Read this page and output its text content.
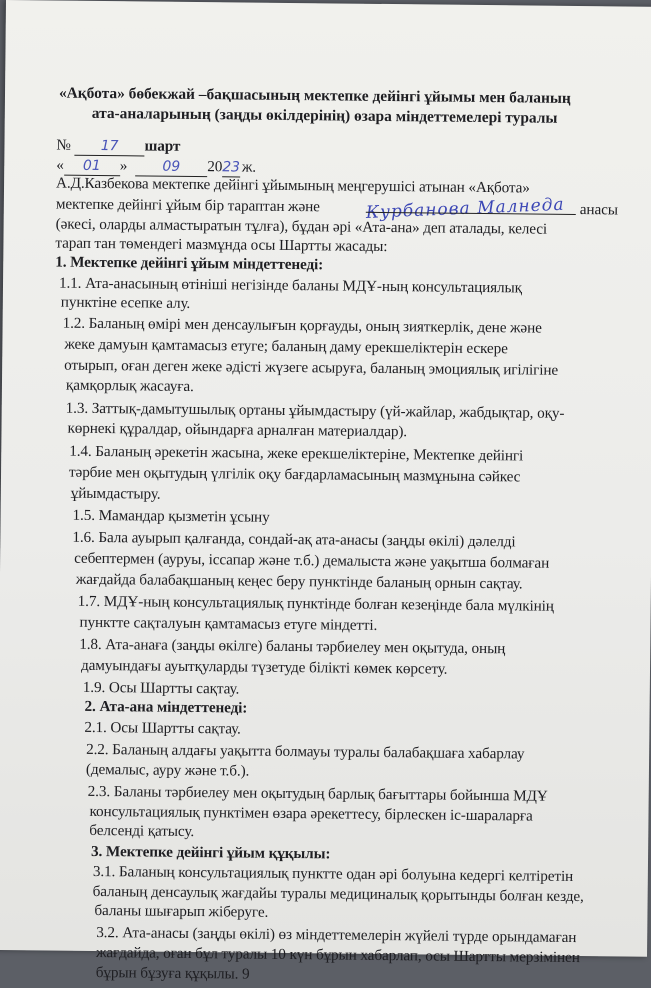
«Ақбота» бөбекжай –бақшасының мектепке дейінгі ұйымы мен баланың
ата-аналарының (заңды өкілдерінің) өзара міндеттемелері туралы
№ 17 шарт
« 01 »	09 2023 ж.
А.Д.Казбекова мектепке дейінгі ұйымының меңгерушісі атынан «Ақбота»
мектепке дейінгі ұйым бір тараптан және	Курбанова Малнеда анасы
(әкесі, оларды алмастыратын тұлға), бұдан әрі «Ата-ана» деп аталады, келесі
тарап тан төмендегі мазмұнда осы Шартты жасады:
1. Мектепке дейінгі ұйым міндеттенеді:
1.1. Ата-анасының өтініші негізінде баланы МДҰ-ның консультациялық
пунктіне есепке алу.
1.2. Баланың өмірі мен денсаулығын қорғауды, оның зияткерлік, дене және
жеке дамуын қамтамасыз етуге; баланың даму ерекшеліктерін ескере
отырып, оған деген жеке әдісті жүзеге асыруға, баланың эмоциялық игілігіне
қамқорлық жасауға.
1.3. Заттық-дамытушылық ортаны ұйымдастыру (үй-жайлар, жабдықтар, оқу-
көрнекі құралдар, ойындарға арналған материалдар).
1.4. Баланың әрекетін жасына, жеке ерекшеліктеріне, Мектепке дейінгі
тәрбие мен оқытудың үлгілік оқу бағдарламасының мазмұнына сәйкес
ұйымдастыру.
1.5. Мамандар қызметін ұсыну
1.6. Бала ауырып қалғанда, сондай-ақ ата-анасы (заңды өкілі) дәлелді
себептермен (ауруы, іссапар және т.б.) демалыста және уақытша болмаған
жағдайда балабақшаның кеңес беру пунктінде баланың орнын сақтау.
1.7. МДҰ-ның консультациялық пунктінде болған кезеңінде бала мүлкінің
пунктте сақталуын қамтамасыз етуге міндетті.
1.8. Ата-анаға (заңды өкілге) баланы тәрбиелеу мен оқытуда, оның
дамуындағы ауытқуларды түзетуде білікті көмек көрсету.
1.9. Осы Шартты сақтау.
2. Ата-ана міндеттенеді:
2.1. Осы Шартты сақтау.
2.2. Баланың алдағы уақытта болмауы туралы балабақшаға хабарлау
(демалыс, ауру және т.б.).
2.3. Баланы тәрбиелеу мен оқытудың барлық бағыттары бойынша МДҰ
консультациялық пунктімен өзара әрекеттесу, бірлескен іс-шараларға
белсенді қатысу.
3. Мектепке дейінгі ұйым құқылы:
3.1. Баланың консультациялық пунктте одан әрі болуына кедергі келтіретін
баланың денсаулық жағдайы туралы медициналық қорытынды болған кезде,
баланы шығарып жіберуге.
3.2. Ата-анасы (заңды өкілі) өз міндеттемелерін жүйелі түрде орындамаған
жағдайда, оған бұл туралы 10 күн бұрын хабарлап, осы Шартты мерзімінен
бұрын бұзуға құқылы. 9
